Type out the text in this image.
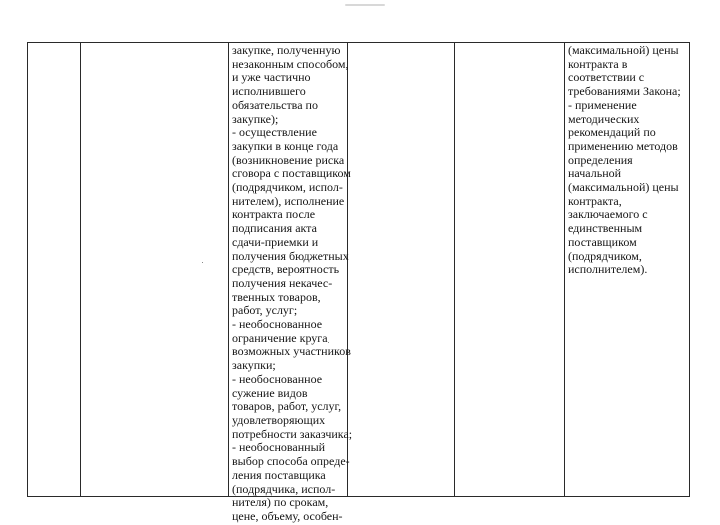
закупке, полученную
незаконным способом,
и уже частично
исполнившего
обязательства по
закупке);
- осуществление
закупки в конце года
(возникновение риска
сговора с поставщиком
(подрядчиком, испол-
нителем), исполнение
контракта после
подписания акта
сдачи-приемки и
получения бюджетных
средств, вероятность
получения некачес-
твенных товаров,
работ, услуг;
- необоснованное
ограничение круга
возможных участников
закупки;
- необоснованное
сужение видов
товаров, работ, услуг,
удовлетворяющих
потребности заказчика;
- необоснованный
выбор способа опреде-
ления поставщика
(подрядчика, испол-
нителя) по срокам,
цене, объему, особен-
(максимальной) цены
контракта в
соответствии с
требованиями Закона;
- применение
методических
рекомендаций по
применению методов
определения
начальной
(максимальной) цены
контракта,
заключаемого с
единственным
поставщиком
(подрядчиком,
исполнителем).
